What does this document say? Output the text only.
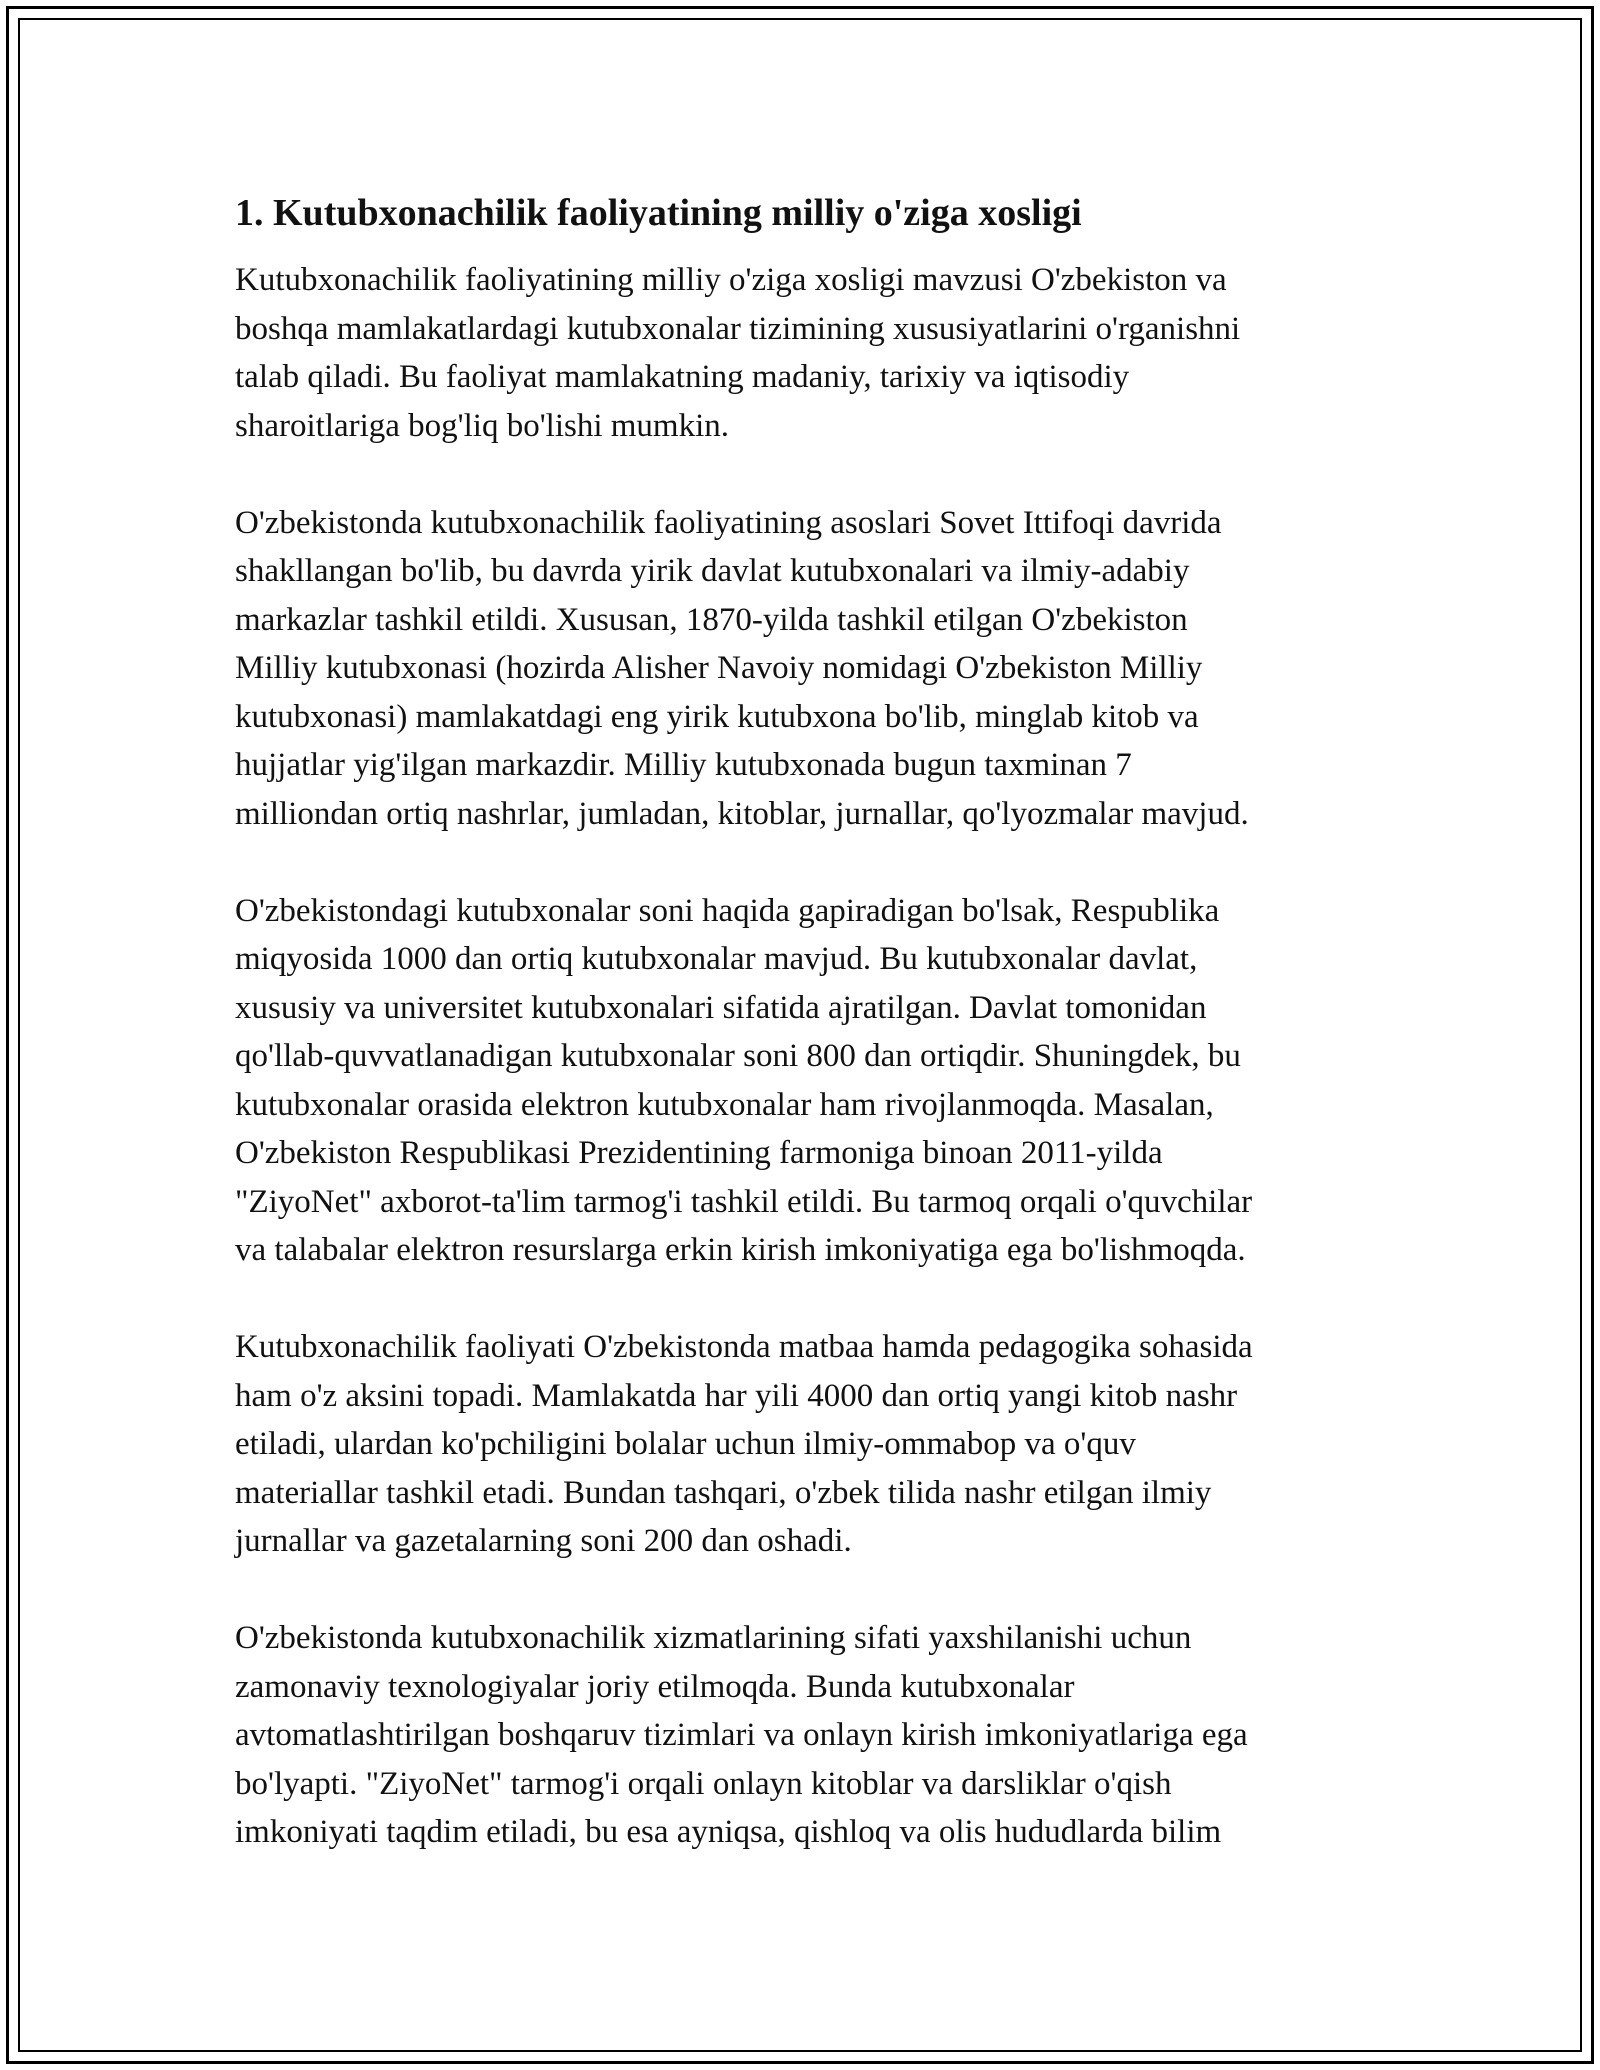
1. Kutubxonachilik faoliyatining milliy o'ziga xosligi

Kutubxonachilik faoliyatining milliy o'ziga xosligi mavzusi O'zbekiston va
boshqa mamlakatlardagi kutubxonalar tizimining xususiyatlarini o'rganishni
talab qiladi. Bu faoliyat mamlakatning madaniy, tarixiy va iqtisodiy
sharoitlariga bog'liq bo'lishi mumkin.

O'zbekistonda kutubxonachilik faoliyatining asoslari Sovet Ittifoqi davrida
shakllangan bo'lib, bu davrda yirik davlat kutubxonalari va ilmiy-adabiy
markazlar tashkil etildi. Xususan, 1870-yilda tashkil etilgan O'zbekiston
Milliy kutubxonasi (hozirda Alisher Navoiy nomidagi O'zbekiston Milliy
kutubxonasi) mamlakatdagi eng yirik kutubxona bo'lib, minglab kitob va
hujjatlar yig'ilgan markazdir. Milliy kutubxonada bugun taxminan 7
milliondan ortiq nashrlar, jumladan, kitoblar, jurnallar, qo'lyozmalar mavjud.

O'zbekistondagi kutubxonalar soni haqida gapiradigan bo'lsak, Respublika
miqyosida 1000 dan ortiq kutubxonalar mavjud. Bu kutubxonalar davlat,
xususiy va universitet kutubxonalari sifatida ajratilgan. Davlat tomonidan
qo'llab-quvvatlanadigan kutubxonalar soni 800 dan ortiqdir. Shuningdek, bu
kutubxonalar orasida elektron kutubxonalar ham rivojlanmoqda. Masalan,
O'zbekiston Respublikasi Prezidentining farmoniga binoan 2011-yilda
"ZiyoNet" axborot-ta'lim tarmog'i tashkil etildi. Bu tarmoq orqali o'quvchilar
va talabalar elektron resurslarga erkin kirish imkoniyatiga ega bo'lishmoqda.

Kutubxonachilik faoliyati O'zbekistonda matbaa hamda pedagogika sohasida
ham o'z aksini topadi. Mamlakatda har yili 4000 dan ortiq yangi kitob nashr
etiladi, ulardan ko'pchiligini bolalar uchun ilmiy-ommabop va o'quv
materiallar tashkil etadi. Bundan tashqari, o'zbek tilida nashr etilgan ilmiy
jurnallar va gazetalarning soni 200 dan oshadi.

O'zbekistonda kutubxonachilik xizmatlarining sifati yaxshilanishi uchun
zamonaviy texnologiyalar joriy etilmoqda. Bunda kutubxonalar
avtomatlashtirilgan boshqaruv tizimlari va onlayn kirish imkoniyatlariga ega
bo'lyapti. "ZiyoNet" tarmog'i orqali onlayn kitoblar va darsliklar o'qish
imkoniyati taqdim etiladi, bu esa ayniqsa, qishloq va olis hududlarda bilim
